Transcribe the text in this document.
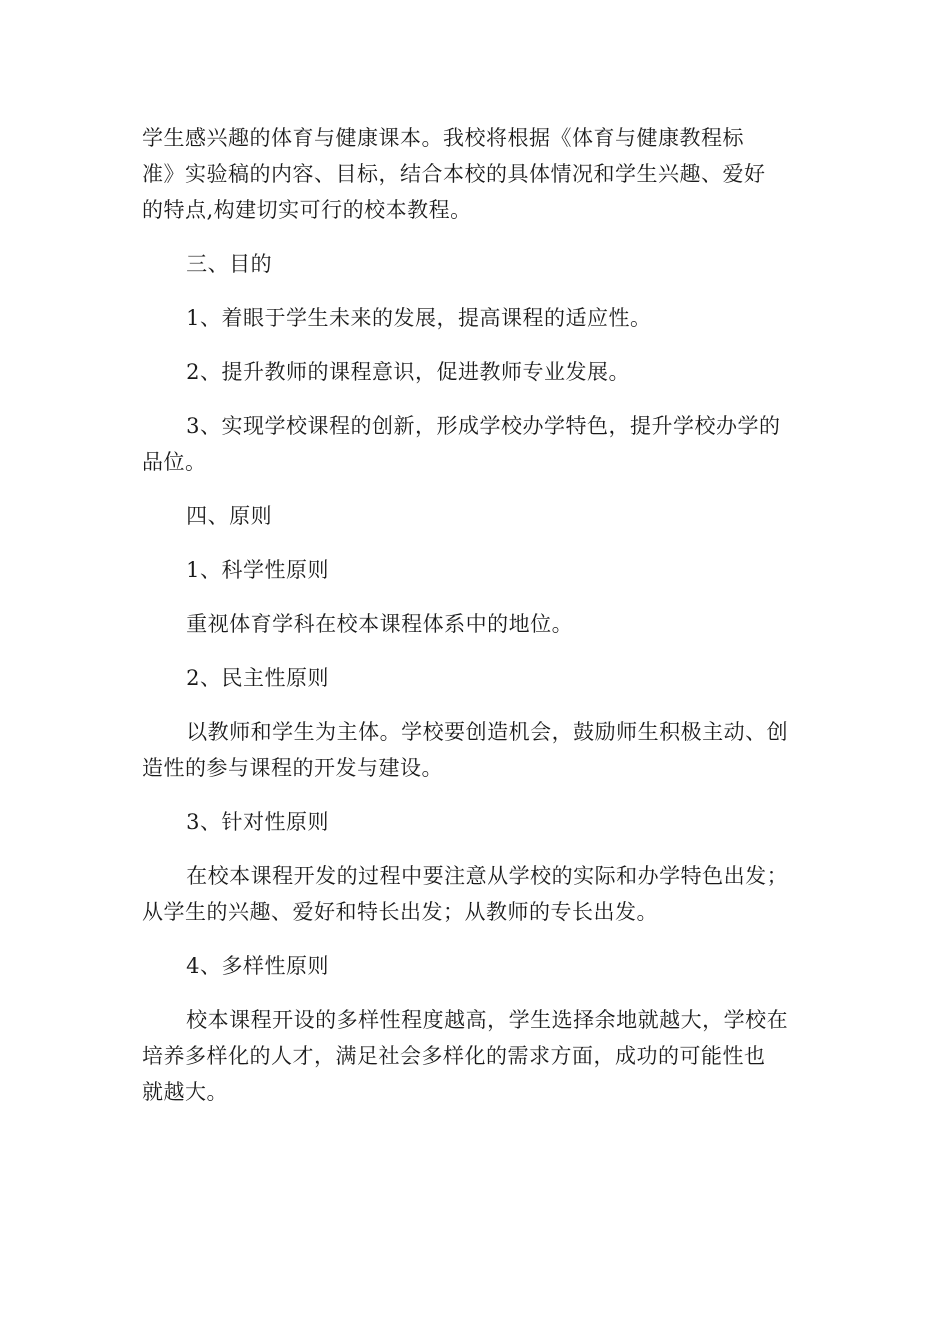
学生感兴趣的体育与健康课本。我校将根据《体育与健康教程标
准》实验稿的内容、目标，结合本校的具体情况和学生兴趣、爱好
的特点,构建切实可行的校本教程。

三、目的

1、着眼于学生未来的发展，提高课程的适应性。

2、提升教师的课程意识，促进教师专业发展。

3、实现学校课程的创新，形成学校办学特色，提升学校办学的
品位。

四、原则

1、科学性原则

重视体育学科在校本课程体系中的地位。

2、民主性原则

以教师和学生为主体。学校要创造机会，鼓励师生积极主动、创
造性的参与课程的开发与建设。

3、针对性原则

在校本课程开发的过程中要注意从学校的实际和办学特色出发；
从学生的兴趣、爱好和特长出发；从教师的专长出发。

4、多样性原则

校本课程开设的多样性程度越高，学生选择余地就越大，学校在
培养多样化的人才，满足社会多样化的需求方面，成功的可能性也
就越大。
